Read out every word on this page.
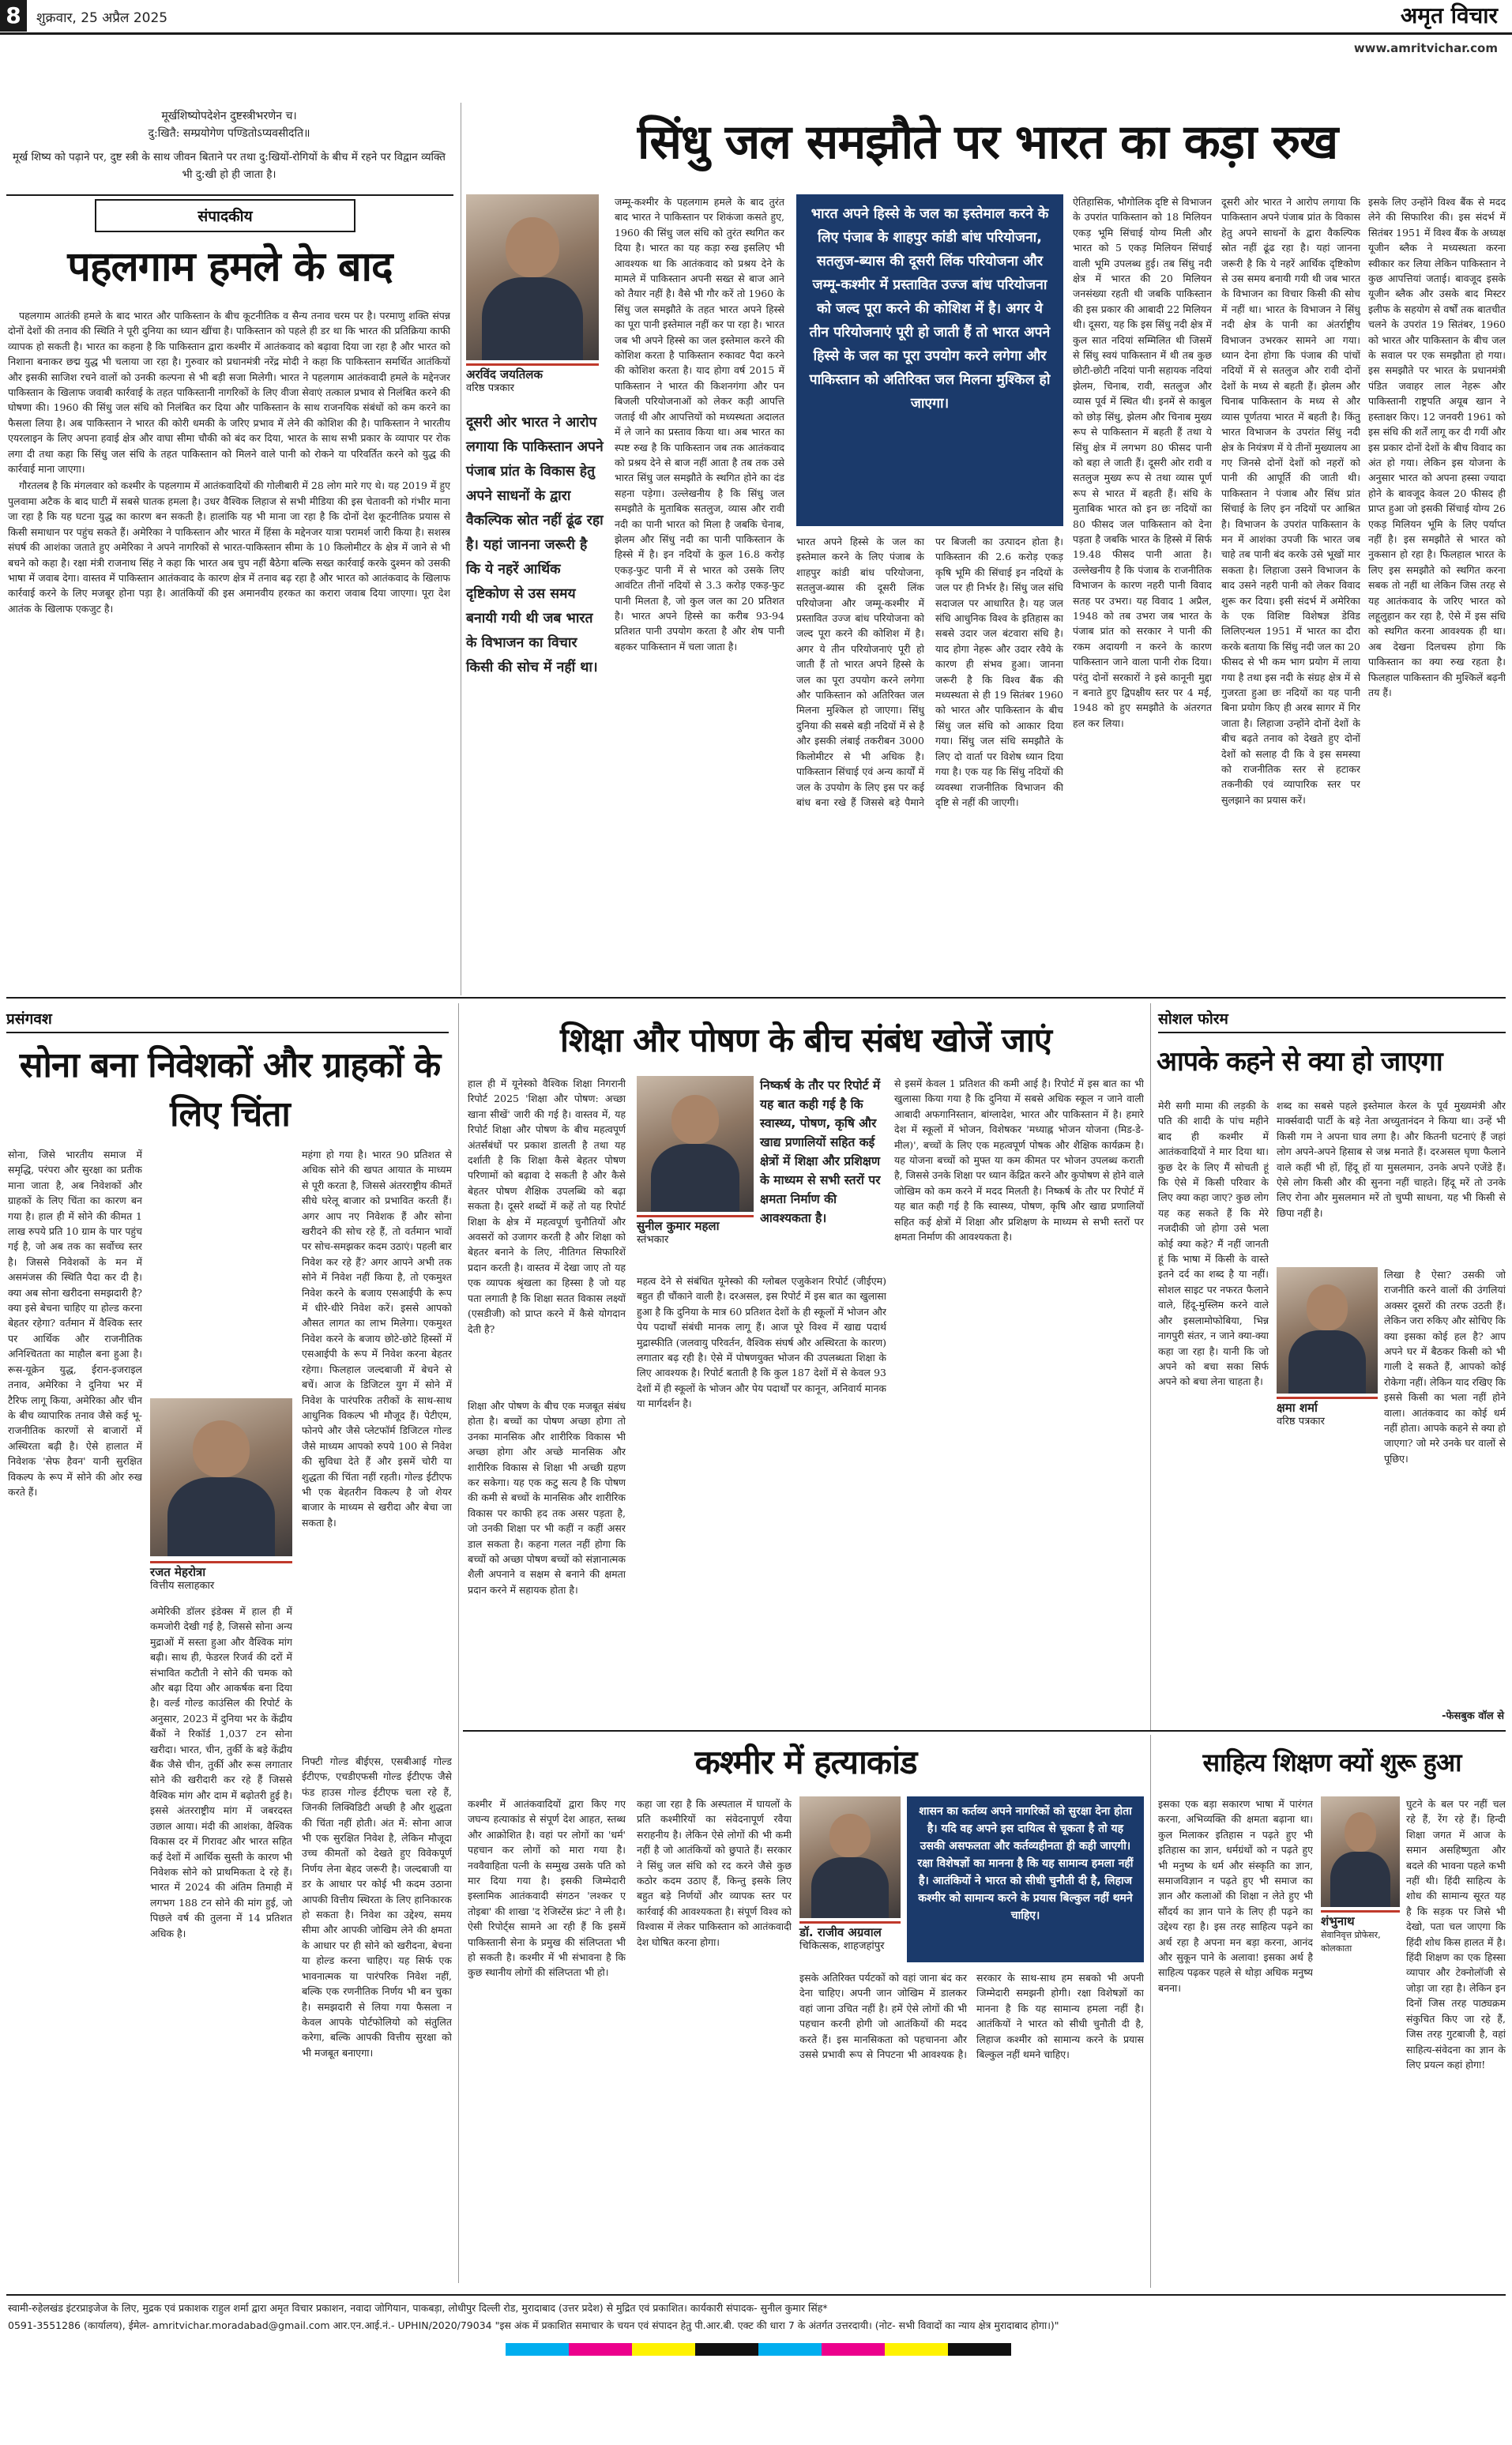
8	शुक्रवार, 25 अप्रैल 2025	अमृत विचार
www.amritvichar.com
मूर्खशिष्योपदेशेन दुष्टस्त्रीभरणेन च।
दु:खितै: सम्प्रयोगेण पण्डितोऽप्यवसीदति॥
मूर्ख शिष्य को पढ़ाने पर, दुष्ट स्त्री के साथ जीवन बिताने पर तथा दु:खियों-रोगियों के बीच में रहने पर विद्वान व्यक्ति भी दु:खी हो ही जाता है।
संपादकीय
पहलगाम हमले के बाद

पहलगाम आतंकी हमले के बाद भारत और पाकिस्तान के बीच कूटनीतिक व सैन्य तनाव चरम पर है। परमाणु शक्ति संपन्न दोनों देशों की तनाव की स्थिति ने पूरी दुनिया का ध्यान खींचा है। पाकिस्तान को पहले ही डर था कि भारत की प्रतिक्रिया काफी व्यापक हो सकती है। भारत का कहना है कि पाकिस्तान द्वारा कश्मीर में आतंकवाद को बढ़ावा दिया जा रहा है और भारत को निशाना बनाकर छद्म युद्ध भी चलाया जा रहा है। गुरुवार को प्रधानमंत्री नरेंद्र मोदी ने कहा कि पाकिस्तान समर्थित आतंकियों और इसकी साजिश रचने वालों को उनकी कल्पना से भी बड़ी सजा मिलेगी। भारत ने पहलगाम आतंकवादी हमले के मद्देनजर पाकिस्तान के खिलाफ जवाबी कार्रवाई के तहत पाकिस्तानी नागरिकों के लिए वीजा सेवाएं तत्काल प्रभाव से निलंबित करने की घोषणा की। 1960 की सिंधु जल संधि को निलंबित कर दिया और पाकिस्तान के साथ राजनयिक संबंधों को कम करने का फैसला लिया है। अब पाकिस्तान ने भारत की कोरी धमकी के जरिए प्रभाव में लेने की कोशिश की है। पाकिस्तान ने भारतीय एयरलाइन के लिए अपना हवाई क्षेत्र और वाघा सीमा चौकी को बंद कर दिया, भारत के साथ सभी प्रकार के व्यापार पर रोक लगा दी तथा कहा कि सिंधु जल संधि के तहत पाकिस्तान को मिलने वाले पानी को रोकने या परिवर्तित करने को युद्ध की कार्रवाई माना जाएगा।

गौरतलब है कि मंगलवार को कश्मीर के पहलगाम में आतंकवादियों की गोलीबारी में 28 लोग मारे गए थे। यह 2019 में हुए पुलवामा अटैक के बाद घाटी में सबसे घातक हमला है। उधर वैश्विक लिहाज से सभी मीडिया की इस चेतावनी को गंभीर माना जा रहा है कि यह घटना युद्ध का कारण बन सकती है। हालांकि यह भी माना जा रहा है कि दोनों देश कूटनीतिक प्रयास से किसी समाधान पर पहुंच सकते हैं। अमेरिका ने पाकिस्तान और भारत में हिंसा के मद्देनजर यात्रा परामर्श जारी किया है। सशस्त्र संघर्ष की आशंका जताते हुए अमेरिका ने अपने नागरिकों से भारत-पाकिस्तान सीमा के 10 किलोमीटर के क्षेत्र में जाने से भी बचने को कहा है। रक्षा मंत्री राजनाथ सिंह ने कहा कि भारत अब चुप नहीं बैठेगा बल्कि सख्त कार्रवाई करके दुश्मन को उसकी भाषा में जवाब देगा। वास्तव में पाकिस्तान आतंकवाद के कारण क्षेत्र में तनाव बढ़ रहा है और भारत को आतंकवाद के खिलाफ कार्रवाई करने के लिए मजबूर होना पड़ा है। आतंकियों की इस अमानवीय हरकत का करारा जवाब दिया जाएगा। पूरा देश आतंक के खिलाफ एकजुट है।

सिंधु जल समझौते पर भारत का कड़ा रुख
अरविंद जयतिलक
वरिष्ठ पत्रकार
दूसरी ओर भारत ने आरोप लगाया कि पाकिस्तान अपने पंजाब प्रांत के विकास हेतु अपने साधनों के द्वारा वैकल्पिक स्रोत नहीं ढूंढ रहा है। यहां जानना जरूरी है कि ये नहरें आर्थिक दृष्टिकोण से उस समय बनायी गयी थी जब भारत के विभाजन का विचार किसी की सोच में नहीं था।
जम्मू-कश्मीर के पहलगाम हमले के बाद तुरंत बाद भारत ने पाकिस्तान पर शिकंजा कसते हुए, 1960 की सिंधु जल संधि को तुरंत स्थगित कर दिया है। भारत का यह कड़ा रुख इसलिए भी आवश्यक था कि आतंकवाद को प्रश्रय देने के मामले में पाकिस्तान अपनी सख्त से बाज आने को तैयार नहीं है। वैसे भी गौर करें तो 1960 के सिंधु जल समझौते के तहत भारत अपने हिस्से का पूरा पानी इस्तेमाल नहीं कर पा रहा है। भारत जब भी अपने हिस्से का जल इस्तेमाल करने की कोशिश करता है पाकिस्तान रुकावट पैदा करने की कोशिश करता है। याद होगा वर्ष 2015 में पाकिस्तान ने भारत की किशनगंगा और पन बिजली परियोजनाओं को लेकर कड़ी आपत्ति जताई थी और आपत्तियों को मध्यस्थता अदालत में ले जाने का प्रस्ताव किया था। अब भारत का स्पष्ट रुख है कि पाकिस्तान जब तक आतंकवाद को प्रश्रय देने से बाज नहीं आता है तब तक उसे भारत सिंधु जल समझौते के स्थगित होने का दंड सहना पड़ेगा। उल्लेखनीय है कि सिंधु जल समझौते के मुताबिक सतलुज, व्यास और रावी नदी का पानी भारत को मिला है जबकि चेनाब, झेलम और सिंधु नदी का पानी पाकिस्तान के हिस्से में है। इन नदियों के कुल 16.8 करोड़ एकड़-फुट पानी में से भारत को उसके लिए आवंटित तीनों नदियों से 3.3 करोड़ एकड़-फुट पानी मिलता है, जो कुल जल का 20 प्रतिशत है। भारत अपने हिस्से का करीब 93-94 प्रतिशत पानी उपयोग करता है और शेष पानी बहकर पाकिस्तान में चला जाता है।
भारत अपने हिस्से के जल का इस्तेमाल करने के लिए पंजाब के शाहपुर कांडी बांध परियोजना, सतलुज-ब्यास की दूसरी लिंक परियोजना और जम्मू-कश्मीर में प्रस्तावित उज्ज बांध परियोजना को जल्द पूरा करने की कोशिश में है। अगर ये तीन परियोजनाएं पूरी हो जाती हैं तो भारत अपने हिस्से के जल का पूरा उपयोग करने लगेगा और पाकिस्तान को अतिरिक्त जल मिलना मुश्किल हो जाएगा।
भारत अपने हिस्से के जल का इस्तेमाल करने के लिए पंजाब के शाहपुर कांडी बांध परियोजना, सतलुज-ब्यास की दूसरी लिंक परियोजना और जम्मू-कश्मीर में प्रस्तावित उज्ज बांध परियोजना को जल्द पूरा करने की कोशिश में है। अगर ये तीन परियोजनाएं पूरी हो जाती हैं तो भारत अपने हिस्से के जल का पूरा उपयोग करने लगेगा और पाकिस्तान को अतिरिक्त जल मिलना मुश्किल हो जाएगा। सिंधु दुनिया की सबसे बड़ी नदियों में से है और इसकी लंबाई तकरीबन 3000 किलोमीटर से भी अधिक है। पाकिस्तान सिंचाई एवं अन्य कार्यों में जल के उपयोग के लिए इस पर कई बांध बना रखे हैं जिससे बड़े पैमाने पर बिजली का उत्पादन होता है। पाकिस्तान की 2.6 करोड़ एकड़ कृषि भूमि की सिंचाई इन नदियों के जल पर ही निर्भर है। सिंधु जल संधि सदाजल पर आधारित है। यह जल संधि आधुनिक विश्व के इतिहास का सबसे उदार जल बंटवारा संधि है। याद होगा नेहरू और उदार रवैये के कारण ही संभव हुआ। जानना जरूरी है कि विश्व बैंक की मध्यस्थता से ही 19 सितंबर 1960 को भारत और पाकिस्तान के बीच सिंधु जल संधि को आकार दिया गया। सिंधु जल संधि समझौते के लिए दो वार्ता पर विशेष ध्यान दिया गया है। एक यह कि सिंधु नदियों की व्यवस्था राजनीतिक विभाजन की दृष्टि से नहीं की जाएगी।
ऐतिहासिक, भौगोलिक दृष्टि से विभाजन के उपरांत पाकिस्तान को 18 मिलियन एकड़ भूमि सिंचाई योग्य मिली और भारत को 5 एकड़ मिलियन सिंचाई वाली भूमि उपलब्ध हुई। तब सिंधु नदी क्षेत्र में भारत की 20 मिलियन जनसंख्या रहती थी जबकि पाकिस्तान की इस प्रकार की आबादी 22 मिलियन थी। दूसरा, यह कि इस सिंधु नदी क्षेत्र में कुल सात नदियां सम्मिलित थी जिसमें से सिंधु स्वयं पाकिस्तान में थी तब कुछ छोटी-छोटी नदियां पानी सहायक नदियां झेलम, चिनाब, रावी, सतलुज और व्यास पूर्व में स्थित थी। इनमें से काबुल को छोड़ सिंधु, झेलम और चिनाब मुख्य रूप से पाकिस्तान में बहती हैं तथा ये सिंधु क्षेत्र में लगभग 80 फीसद पानी को बहा ले जाती हैं। दूसरी ओर रावी व सतलुज मुख्य रूप से तथा व्यास पूर्ण रूप से भारत में बहती हैं। संधि के मुताबिक भारत को इन छः नदियों का 80 फीसद जल पाकिस्तान को देना पड़ता है जबकि भारत के हिस्से में सिर्फ 19.48 फीसद पानी आता है। उल्लेखनीय है कि पंजाब के राजनीतिक विभाजन के कारण नहरी पानी विवाद सतह पर उभरा। यह विवाद 1 अप्रैल, 1948 को तब उभरा जब भारत के पंजाब प्रांत को सरकार ने पानी की रकम अदायगी न करने के कारण पाकिस्तान जाने वाला पानी रोक दिया। परंतु दोनों सरकारों ने इसे कानूनी मुद्दा न बनाते हुए द्विपक्षीय स्तर पर 4 मई, 1948 को हुए समझौते के अंतरगत हल कर लिया।
दूसरी ओर भारत ने आरोप लगाया कि पाकिस्तान अपने पंजाब प्रांत के विकास हेतु अपने साधनों के द्वारा वैकल्पिक स्रोत नहीं ढूंढ रहा है। यहां जानना जरूरी है कि ये नहरें आर्थिक दृष्टिकोण से उस समय बनायी गयी थी जब भारत के विभाजन का विचार किसी की सोच में नहीं था। भारत के विभाजन ने सिंधु नदी क्षेत्र के पानी का अंतर्राष्ट्रीय विभाजन उभरकर सामने आ गया। ध्यान देना होगा कि पंजाब की पांचों नदियों में से सतलुज और रावी दोनों देशों के मध्य से बहती हैं। झेलम और चिनाब पाकिस्तान के मध्य से और व्यास पूर्णतया भारत में बहती है। किंतु भारत विभाजन के उपरांत सिंधु नदी क्षेत्र के नियंत्रण में ये तीनों मुख्यालय आ गए जिनसे दोनों देशों को नहरों को पानी की आपूर्ति की जाती थी। पाकिस्तान ने पंजाब और सिंध प्रांत सिंचाई के लिए इन नदियों पर आश्रित है। विभाजन के उपरांत पाकिस्तान के मन में आशंका उपजी कि भारत जब चाहे तब पानी बंद करके उसे भूखों मार सकता है। लिहाजा उसने विभाजन के बाद उसने नहरी पानी को लेकर विवाद शुरू कर दिया। इसी संदर्भ में अमेरिका के एक विशिष्ट विशेषज्ञ डेविड लिलिएन्थल 1951 में भारत का दौरा करके बताया कि सिंधु नदी जल का 20 फीसद से भी कम भाग प्रयोग में लाया गया है तथा इस नदी के संग्रह क्षेत्र में से गुजरता हुआ छः नदियों का यह पानी बिना प्रयोग किए ही अरब सागर में गिर जाता है। लिहाजा उन्होंने दोनों देशों के बीच बढ़ते तनाव को देखते हुए दोनों देशों को सलाह दी कि वे इस समस्या को राजनीतिक स्तर से हटाकर तकनीकी एवं व्यापारिक स्तर पर सुलझाने का प्रयास करें।
इसके लिए उन्होंने विश्व बैंक से मदद लेने की सिफारिश की। इस संदर्भ में सितंबर 1951 में विश्व बैंक के अध्यक्ष यूजीन ब्लैक ने मध्यस्थता करना स्वीकार कर लिया लेकिन पाकिस्तान ने कुछ आपत्तियां जताई। बावजूद इसके यूजीन ब्लैक और उसके बाद मिस्टर इलीफ के सहयोग से वर्षों तक बातचीत चलने के उपरांत 19 सितंबर, 1960 को भारत और पाकिस्तान के बीच जल के सवाल पर एक समझौता हो गया। इस समझौते पर भारत के प्रधानमंत्री पंडित जवाहर लाल नेहरू और पाकिस्तानी राष्ट्रपति अयूब खान ने हस्ताक्षर किए। 12 जनवरी 1961 को इस संधि की शर्तें लागू कर दी गयीं और इस प्रकार दोनों देशों के बीच विवाद का अंत हो गया। लेकिन इस योजना के अनुसार भारत को अपना हस्सा ज्यादा होने के बावजूद केवल 20 फीसद ही प्राप्त हुआ जो इसकी सिंचाई योग्य 26 एकड़ मिलियन भूमि के लिए पर्याप्त नहीं है। इस समझौते से भारत को नुकसान हो रहा है। फिलहाल भारत के लिए इस समझौते को स्थगित करना सबक तो नहीं था लेकिन जिस तरह से यह आतंकवाद के जरिए भारत को लहूलुहान कर रहा है, ऐसे में इस संधि को स्थगित करना आवश्यक ही था। अब देखना दिलचस्प होगा कि पाकिस्तान का क्या रुख रहता है। फिलहाल पाकिस्तान की मुश्किलें बढ़नी तय हैं।
प्रसंगवश
सोना बना निवेशकों और ग्राहकों के लिए चिंता
सोना, जिसे भारतीय समाज में समृद्धि, परंपरा और सुरक्षा का प्रतीक माना जाता है, अब निवेशकों और ग्राहकों के लिए चिंता का कारण बन गया है। हाल ही में सोने की कीमत 1 लाख रुपये प्रति 10 ग्राम के पार पहुंच गई है, जो अब तक का सर्वोच्च स्तर है। जिससे निवेशकों के मन में असमंजस की स्थिति पैदा कर दी है। क्या अब सोना खरीदना समझदारी है? क्या इसे बेचना चाहिए या होल्ड करना बेहतर रहेगा? वर्तमान में वैश्विक स्तर पर आर्थिक और राजनीतिक अनिश्चितता का माहौल बना हुआ है। रूस-यूक्रेन युद्ध, ईरान-इजराइल तनाव, अमेरिका ने दुनिया भर में टैरिफ लागू किया, अमेरिका और चीन के बीच व्यापारिक तनाव जैसे कई भू-राजनीतिक कारणों से बाजारों में अस्थिरता बढ़ी है। ऐसे हालात में निवेशक 'सेफ हैवन' यानी सुरक्षित विकल्प के रूप में सोने की ओर रुख करते हैं।
रजत मेहरोत्रा
वित्तीय सलाहकार
अमेरिकी डॉलर इंडेक्स में हाल ही में कमजोरी देखी गई है, जिससे सोना अन्य मुद्राओं में सस्ता हुआ और वैश्विक मांग बढ़ी। साथ ही, फेडरल रिजर्व की दरों में संभावित कटौती ने सोने की चमक को और बढ़ा दिया और आकर्षक बना दिया है। वर्ल्ड गोल्ड काउंसिल की रिपोर्ट के अनुसार, 2023 में दुनिया भर के केंद्रीय बैंकों ने रिकॉर्ड 1,037 टन सोना खरीदा। भारत, चीन, तुर्की के बड़े केंद्रीय बैंक जैसे चीन, तुर्की और रूस लगातार सोने की खरीदारी कर रहे हैं जिससे वैश्विक मांग और दाम में बढ़ोतरी हुई है। इससे अंतरराष्ट्रीय मांग में जबरदस्त उछाल आया। मंदी की आशंका, वैश्विक विकास दर में गिरावट और भारत सहित कई देशों में आर्थिक सुस्ती के कारण भी निवेशक सोने को प्राथमिकता दे रहे हैं। भारत में 2024 की अंतिम तिमाही में लगभग 188 टन सोने की मांग हुई, जो पिछले वर्ष की तुलना में 14 प्रतिशत अधिक है।
महंगा हो गया है। भारत 90 प्रतिशत से अधिक सोने की खपत आयात के माध्यम से पूरी करता है, जिससे अंतरराष्ट्रीय कीमतें सीधे घरेलू बाजार को प्रभावित करती हैं। अगर आप नए निवेशक हैं और सोना खरीदने की सोच रहे हैं, तो वर्तमान भावों पर सोच-समझकर कदम उठाएं। पहली बार निवेश कर रहे हैं? अगर आपने अभी तक सोने में निवेश नहीं किया है, तो एकमुश्त निवेश करने के बजाय एसआईपी के रूप में धीरे-धीरे निवेश करें। इससे आपको औसत लागत का लाभ मिलेगा। एकमुश्त निवेश करने के बजाय छोटे-छोटे हिस्सों में एसआईपी के रूप में निवेश करना बेहतर रहेगा। फिलहाल जल्दबाजी में बेचने से बचें। आज के डिजिटल युग में सोने में निवेश के पारंपरिक तरीकों के साथ-साथ आधुनिक विकल्प भी मौजूद हैं। पेटीएम, फोनपे और जैसे प्लेटफॉर्म डिजिटल गोल्ड जैसे माध्यम आपको रुपये 100 से निवेश की सुविधा देते हैं और इसमें चोरी या शुद्धता की चिंता नहीं रहती। गोल्ड ईटीएफ भी एक बेहतरीन विकल्प है जो शेयर बाजार के माध्यम से खरीदा और बेचा जा सकता है।
निफ्टी गोल्ड बीईएस, एसबीआई गोल्ड ईटीएफ, एचडीएफसी गोल्ड ईटीएफ जैसे फंड हाउस गोल्ड ईटीएफ चला रहे हैं, जिनकी लिक्विडिटी अच्छी है और शुद्धता की चिंता नहीं होती। अंत में: सोना आज भी एक सुरक्षित निवेश है, लेकिन मौजूदा उच्च कीमतों को देखते हुए विवेकपूर्ण निर्णय लेना बेहद जरूरी है। जल्दबाजी या डर के आधार पर कोई भी कदम उठाना आपकी वित्तीय स्थिरता के लिए हानिकारक हो सकता है। निवेश का उद्देश्य, समय सीमा और आपकी जोखिम लेने की क्षमता के आधार पर ही सोने को खरीदना, बेचना या होल्ड करना चाहिए। यह सिर्फ एक भावनात्मक या पारंपरिक निवेश नहीं, बल्कि एक रणनीतिक निर्णय भी बन चुका है। समझदारी से लिया गया फैसला न केवल आपके पोर्टफोलियो को संतुलित करेगा, बल्कि आपकी वित्तीय सुरक्षा को भी मजबूत बनाएगा।
शिक्षा और पोषण के बीच संबंध खोजें जाएं
हाल ही में यूनेस्को वैश्विक शिक्षा निगरानी रिपोर्ट 2025 'शिक्षा और पोषण: अच्छा खाना सीखें' जारी की गई है। वास्तव में, यह रिपोर्ट शिक्षा और पोषण के बीच महत्वपूर्ण अंतर्संबंधों पर प्रकाश डालती है तथा यह दर्शाती है कि शिक्षा कैसे बेहतर पोषण परिणामों को बढ़ावा दे सकती है और कैसे बेहतर पोषण शैक्षिक उपलब्धि को बढ़ा सकता है। दूसरे शब्दों में कहें तो यह रिपोर्ट शिक्षा के क्षेत्र में महत्वपूर्ण चुनौतियों और अवसरों को उजागर करती है और शिक्षा को बेहतर बनाने के लिए, नीतिगत सिफारिशें प्रदान करती है। वास्तव में देखा जाए तो यह एक व्यापक श्रृंखला का हिस्सा है जो यह पता लगाती है कि शिक्षा सतत विकास लक्ष्यों (एसडीजी) को प्राप्त करने में कैसे योगदान देती है?
शिक्षा और पोषण के बीच एक मजबूत संबंध होता है। बच्चों का पोषण अच्छा होगा तो उनका मानसिक और शारीरिक विकास भी अच्छा होगा और अच्छे मानसिक और शारीरिक विकास से शिक्षा भी अच्छी ग्रहण कर सकेगा। यह एक कटु सत्य है कि पोषण की कमी से बच्चों के मानसिक और शारीरिक विकास पर काफी हद तक असर पड़ता है, जो उनकी शिक्षा पर भी कहीं न कहीं असर डाल सकता है। कहना गलत नहीं होगा कि बच्चों को अच्छा पोषण बच्चों को संज्ञानात्मक शैली अपनाने व सक्षम से बनाने की क्षमता प्रदान करने में सहायक होता है।
सुनील कुमार महला
स्तंभकार
निष्कर्ष के तौर पर रिपोर्ट में यह बात कही गई है कि स्वास्थ्य, पोषण, कृषि और खाद्य प्रणालियों सहित कई क्षेत्रों में शिक्षा और प्रशिक्षण के माध्यम से सभी स्तरों पर क्षमता निर्माण की आवश्यकता है।
महत्व देने से संबंधित यूनेस्को की ग्लोबल एजुकेशन रिपोर्ट (जीईएम) बहुत ही चौंकाने वाली है। दरअसल, इस रिपोर्ट में इस बात का खुलासा हुआ है कि दुनिया के मात्र 60 प्रतिशत देशों के ही स्कूलों में भोजन और पेय पदार्थों संबंधी मानक लागू हैं। आज पूरे विश्व में खाद्य पदार्थ मुद्रास्फीति (जलवायु परिवर्तन, वैश्विक संघर्ष और अस्थिरता के कारण) लगातार बढ़ रही है। ऐसे में पोषणयुक्त भोजन की उपलब्धता शिक्षा के लिए आवश्यक है। रिपोर्ट बताती है कि कुल 187 देशों में से केवल 93 देशों में ही स्कूलों के भोजन और पेय पदार्थों पर कानून, अनिवार्य मानक या मार्गदर्शन है।
से इसमें केवल 1 प्रतिशत की कमी आई है। रिपोर्ट में इस बात का भी खुलासा किया गया है कि दुनिया में सबसे अधिक स्कूल न जाने वाली आबादी अफगानिस्तान, बांग्लादेश, भारत और पाकिस्तान में है। हमारे देश में स्कूलों में भोजन, विशेषकर 'मध्याह्न भोजन योजना (मिड-डे-मील)', बच्चों के लिए एक महत्वपूर्ण पोषक और शैक्षिक कार्यक्रम है। यह योजना बच्चों को मुफ्त या कम कीमत पर भोजन उपलब्ध कराती है, जिससे उनके शिक्षा पर ध्यान केंद्रित करने और कुपोषण से होने वाले जोखिम को कम करने में मदद मिलती है। निष्कर्ष के तौर पर रिपोर्ट में यह बात कही गई है कि स्वास्थ्य, पोषण, कृषि और खाद्य प्रणालियों सहित कई क्षेत्रों में शिक्षा और प्रशिक्षण के माध्यम से सभी स्तरों पर क्षमता निर्माण की आवश्यकता है।
सोशल फोरम
आपके कहने से क्या हो जाएगा
मेरी सगी मामा की लड़की के पति की शादी के पांच महीने बाद ही कश्मीर में आतंकवादियों ने मार दिया था। कुछ देर के लिए मैं सोचती हूं कि ऐसे में किसी परिवार के लिए क्या कहा जाए? कुछ लोग यह कह सकते हैं कि मेरे नजदीकी जो होगा उसे भला कोई क्या कहे? मैं नहीं जानती हूं कि भाषा में किसी के वास्ते इतने दर्द का शब्द है या नहीं। सोशल साइट पर नफरत फैलाने वाले, हिंदू-मुस्लिम करने वाले और इसलामोफोबिया, भिन्न नागपुरी संतर, न जाने क्या-क्या कहा जा रहा है। यानी कि जो अपने को बचा सका सिर्फ अपने को बचा लेना चाहता है।
शब्द का सबसे पहले इस्तेमाल केरल के पूर्व मुख्यमंत्री और मार्क्सवादी पार्टी के बड़े नेता अच्युतानंदन ने किया था। उन्हें भी किसी गम ने अपना घाव लगा है। और कितनी घटनाएं हैं जहां लोग अपने-अपने हिसाब से जश्न मनाते हैं। दरअसल घृणा फैलाने वाले कहीं भी हों, हिंदू हों या मुसलमान, उनके अपने एजेंडे हैं। ऐसे लोग किसी और की सुनना नहीं चाहते। हिंदू मरें तो उनके लिए रोना और मुसलमान मरें तो चुप्पी साधना, यह भी किसी से छिपा नहीं है।
क्षमा शर्मा
वरिष्ठ पत्रकार
लिखा है ऐसा? उसकी जो राजनीति करने वालों की उंगलियां अक्सर दूसरों की तरफ उठती हैं। लेकिन जरा रुकिए और सोचिए कि क्या इसका कोई हल है? आप अपने घर में बैठकर किसी को भी गाली दे सकते हैं, आपको कोई रोकेगा नहीं। लेकिन याद रखिए कि इससे किसी का भला नहीं होने वाला। आतंकवाद का कोई धर्म नहीं होता। आपके कहने से क्या हो जाएगा? जो मरे उनके घर वालों से पूछिए।
-फेसबुक वॉल से
कश्मीर में हत्याकांड
कश्मीर में आतंकवादियों द्वारा किए गए जघन्य हत्याकांड से संपूर्ण देश आहत, स्तब्ध और आक्रोशित है। वहां पर लोगों का 'धर्म' पहचान कर लोगों को मारा गया है। नववैवाहिता पत्नी के सम्मुख उसके पति को मार दिया गया है। इसकी जिम्मेदारी इस्लामिक आतंकवादी संगठन 'लश्कर ए तोइबा' की शाखा 'द रेजिस्टेंस फ्रंट' ने ली है। ऐसी रिपोर्ट्स सामने आ रही हैं कि इसमें पाकिस्तानी सेना के प्रमुख की संलिप्तता भी हो सकती है। कश्मीर में भी संभावना है कि कुछ स्थानीय लोगों की संलिप्तता भी हो।
कहा जा रहा है कि अस्पताल में घायलों के प्रति कश्मीरियों का संवेदनापूर्ण रवैया सराहनीय है। लेकिन ऐसे लोगों की भी कमी नहीं है जो आतंकियों को छुपाते हैं। सरकार ने सिंधु जल संधि को रद करने जैसे कुछ कठोर कदम उठाए हैं, किन्तु इसके लिए बहुत बड़े निर्णयों और व्यापक स्तर पर कार्रवाई की आवश्यकता है। संपूर्ण विश्व को विश्वास में लेकर पाकिस्तान को आतंकवादी देश घोषित करना होगा।
डॉ. राजीव अग्रवाल
चिकित्सक, शाहजहांपुर
शासन का कर्तव्य अपने नागरिकों को सुरक्षा देना होता है। यदि वह अपने इस दायित्व से चूकता है तो यह उसकी असफलता और कर्तव्यहीनता ही कही जाएगी। रक्षा विशेषज्ञों का मानना है कि यह सामान्य हमला नहीं है। आतंकियों ने भारत को सीधी चुनौती दी है, लिहाज कश्मीर को सामान्य करने के प्रयास बिल्कुल नहीं थमने चाहिए।
इसके अतिरिक्त पर्यटकों को वहां जाना बंद कर देना चाहिए। अपनी जान जोखिम में डालकर वहां जाना उचित नहीं है। हमें ऐसे लोगों की भी पहचान करनी होगी जो आतंकियों की मदद करते हैं। इस मानसिकता को पहचानना और उससे प्रभावी रूप से निपटना भी आवश्यक है। सरकार के साथ-साथ हम सबको भी अपनी जिम्मेदारी समझनी होगी। रक्षा विशेषज्ञों का मानना है कि यह सामान्य हमला नहीं है। आतंकियों ने भारत को सीधी चुनौती दी है, लिहाज कश्मीर को सामान्य करने के प्रयास बिल्कुल नहीं थमने चाहिए।
साहित्य शिक्षण क्यों शुरू हुआ
इसका एक बड़ा सकारण भाषा में पारंगत करना, अभिव्यक्ति की क्षमता बढ़ाना था। कुल मिलाकर इतिहास न पढ़ते हुए भी इतिहास का ज्ञान, धर्मग्रंथों को न पढ़ते हुए भी मनुष्य के धर्म और संस्कृति का ज्ञान, समाजविज्ञान न पढ़ते हुए भी समाज का ज्ञान और कलाओं की शिक्षा न लेते हुए भी सौंदर्य का ज्ञान पाने के लिए ही पढ़ने का उद्देश्य रहा है। इस तरह साहित्य पढ़ने का अर्थ रहा है अपना मन बड़ा करना, आनंद और सुकून पाने के अलावा! इसका अर्थ है साहित्य पढ़कर पहले से थोड़ा अधिक मनुष्य बनना।
शंभुनाथ
सेवानिवृत्त प्रोफेसर, कोलकाता
घुटने के बल पर नहीं चल रहे हैं, रेंग रहे हैं। हिन्दी शिक्षा जगत में आज के समान असहिष्णुता और बदले की भावना पहले कभी नहीं थी। हिंदी साहित्य के शोध की सामान्य सूरत यह है कि सड़क पर जिसे भी देखो, पता चल जाएगा कि हिंदी शोध किस हालत में है। हिंदी शिक्षण का एक हिस्सा व्यापार और टेक्नोलॉजी से जोड़ा जा रहा है। लेकिन इन दिनों जिस तरह पाठ्यक्रम संकुचित किए जा रहे हैं, जिस तरह गुटबाजी है, वहां साहित्य-संवेदना का ज्ञान के लिए प्रयत्न कहां होगा!
स्वामी-रुहेलखंड इंटरप्राइजेज के लिए, मुद्रक एवं प्रकाशक राहुल शर्मा द्वारा अमृत विचार प्रकाशन, नवादा जोगियान, पाकबड़ा, लोधीपुर दिल्ली रोड, मुरादाबाद (उत्तर प्रदेश) से मुद्रित एवं प्रकाशित। कार्यकारी संपादक- सुनील कुमार सिंह*
0591-3551286 (कार्यालय), ईमेल- amritvichar.moradabad@gmail.com आर.एन.आई.नं.- UPHIN/2020/79034 "इस अंक में प्रकाशित समाचार के चयन एवं संपादन हेतु पी.आर.बी. एक्ट की धारा 7 के अंतर्गत उत्तरदायी। (नोट- सभी विवादों का न्याय क्षेत्र मुरादाबाद होगा।)"
